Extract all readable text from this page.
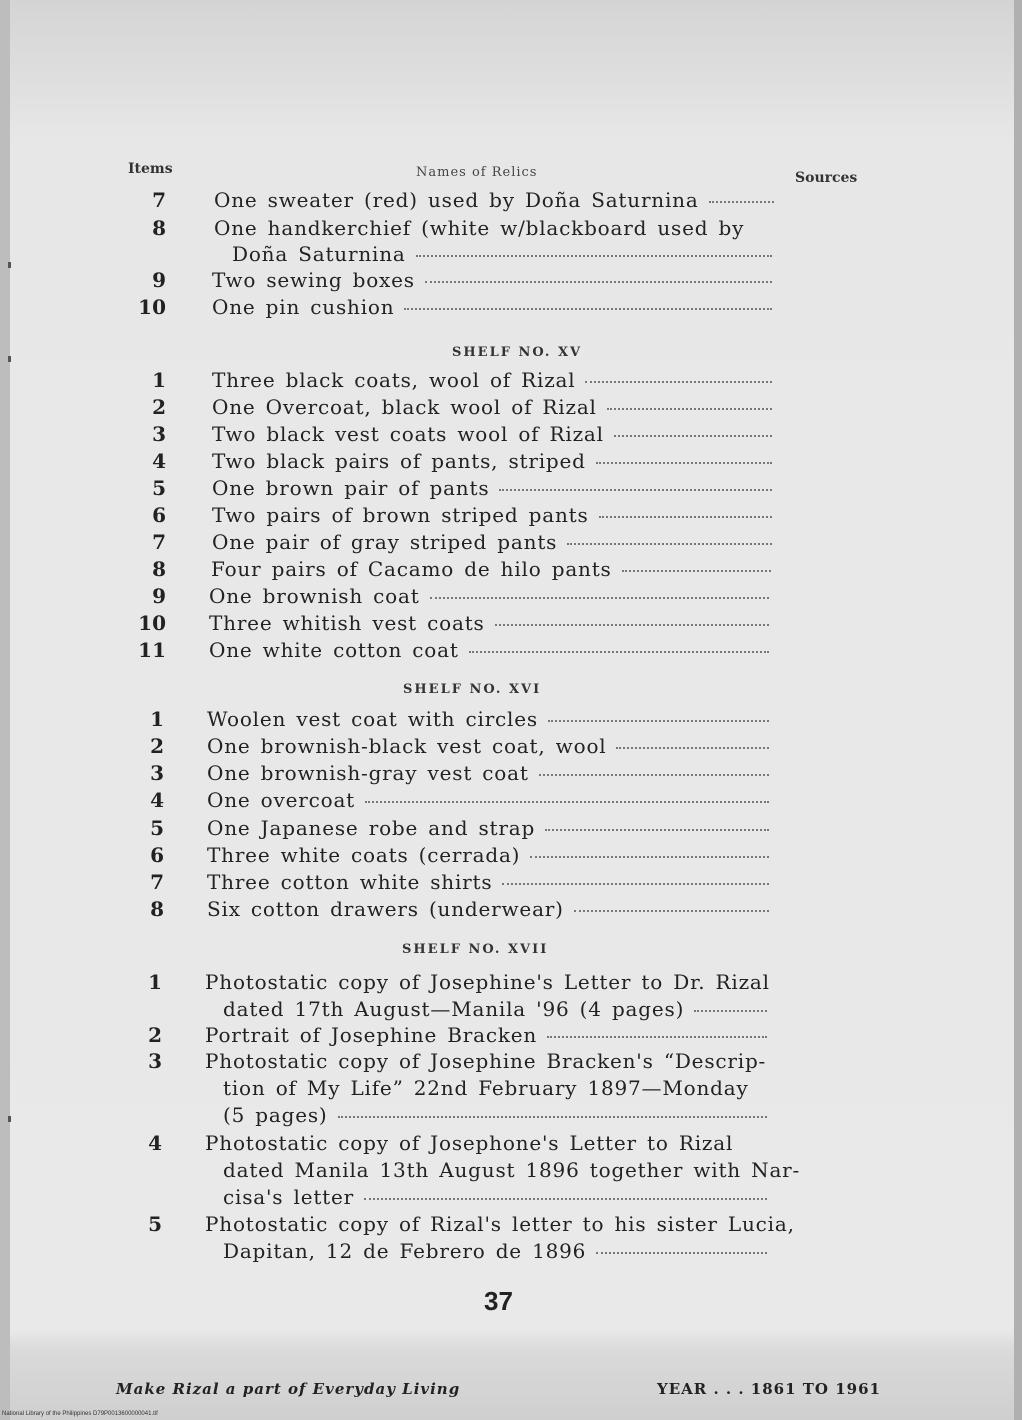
Items	Names of Relics	Sources
7 One sweater (red) used by Doña Saturnina
8 One handkerchief (white w/blackboard used by
Doña Saturnina
9 Two sewing boxes
10 One pin cushion
SHELF NO. XV
1 Three black coats, wool of Rizal
2 One Overcoat, black wool of Rizal
3 Two black vest coats wool of Rizal
4 Two black pairs of pants, striped
5 One brown pair of pants
6 Two pairs of brown striped pants
7 One pair of gray striped pants
8 Four pairs of Cacamo de hilo pants
9 One brownish coat
10 Three whitish vest coats
11 One white cotton coat
SHELF NO. XVI
1 Woolen vest coat with circles
2 One brownish-black vest coat, wool
3 One brownish-gray vest coat
4 One overcoat
5 One Japanese robe and strap
6 Three white coats (cerrada)
7 Three cotton white shirts
8 Six cotton drawers (underwear)
SHELF NO. XVII
1 Photostatic copy of Josephine's Letter to Dr. Rizal
dated 17th August—Manila '96 (4 pages)
2 Portrait of Josephine Bracken
3 Photostatic copy of Josephine Bracken's “Descrip-
tion of My Life” 22nd February 1897—Monday
(5 pages)
4 Photostatic copy of Josephone's Letter to Rizal
dated Manila 13th August 1896 together with Nar-
cisa's letter
5 Photostatic copy of Rizal's letter to his sister Lucia,
Dapitan, 12 de Febrero de 1896
37
Make Rizal a part of Everyday Living	YEAR . . . 1861 TO 1961
National Library of the Philippines D79P0013600000041.tif
